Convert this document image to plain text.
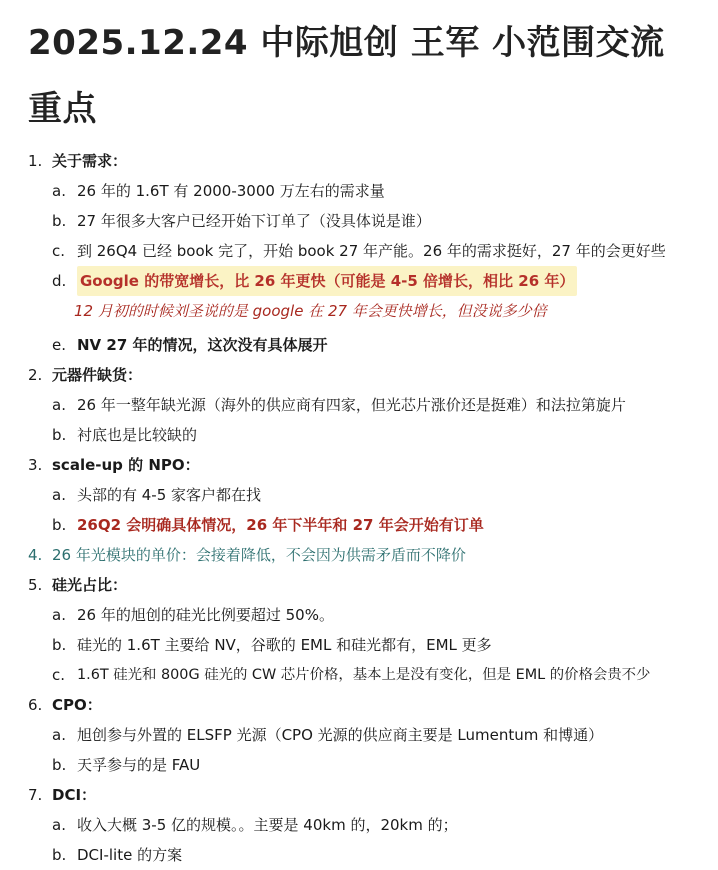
2025.12.24 中际旭创 王军 小范围交流重点
1. 关于需求：
a. 26 年的 1.6T 有 2000-3000 万左右的需求量
b. 27 年很多大客户已经开始下订单了（没具体说是谁）
c. 到 26Q4 已经 book 完了，开始 book 27 年产能。26 年的需求挺好，27 年的会更好些
d. Google 的带宽增长，比 26 年更快（可能是 4-5 倍增长，相比 26 年）
12 月初的时候刘圣说的是 google 在 27 年会更快增长，但没说多少倍
e. NV 27 年的情况，这次没有具体展开
2. 元器件缺货：
a. 26 年一整年缺光源（海外的供应商有四家，但光芯片涨价还是挺难）和法拉第旋片
b. 衬底也是比较缺的
3. scale-up 的 NPO：
a. 头部的有 4-5 家客户都在找
b. 26Q2 会明确具体情况，26 年下半年和 27 年会开始有订单
4. 26 年光模块的单价：会接着降低，不会因为供需矛盾而不降价
5. 硅光占比：
a. 26 年的旭创的硅光比例要超过 50%。
b. 硅光的 1.6T 主要给 NV，谷歌的 EML 和硅光都有，EML 更多
c. 1.6T 硅光和 800G 硅光的 CW 芯片价格，基本上是没有变化，但是 EML 的价格会贵不少
6. CPO：
a. 旭创参与外置的 ELSFP 光源（CPO 光源的供应商主要是 Lumentum 和博通）
b. 天孚参与的是 FAU
7. DCI：
a. 收入大概 3-5 亿的规模。。主要是 40km 的，20km 的；
b. DCI-lite 的方案
